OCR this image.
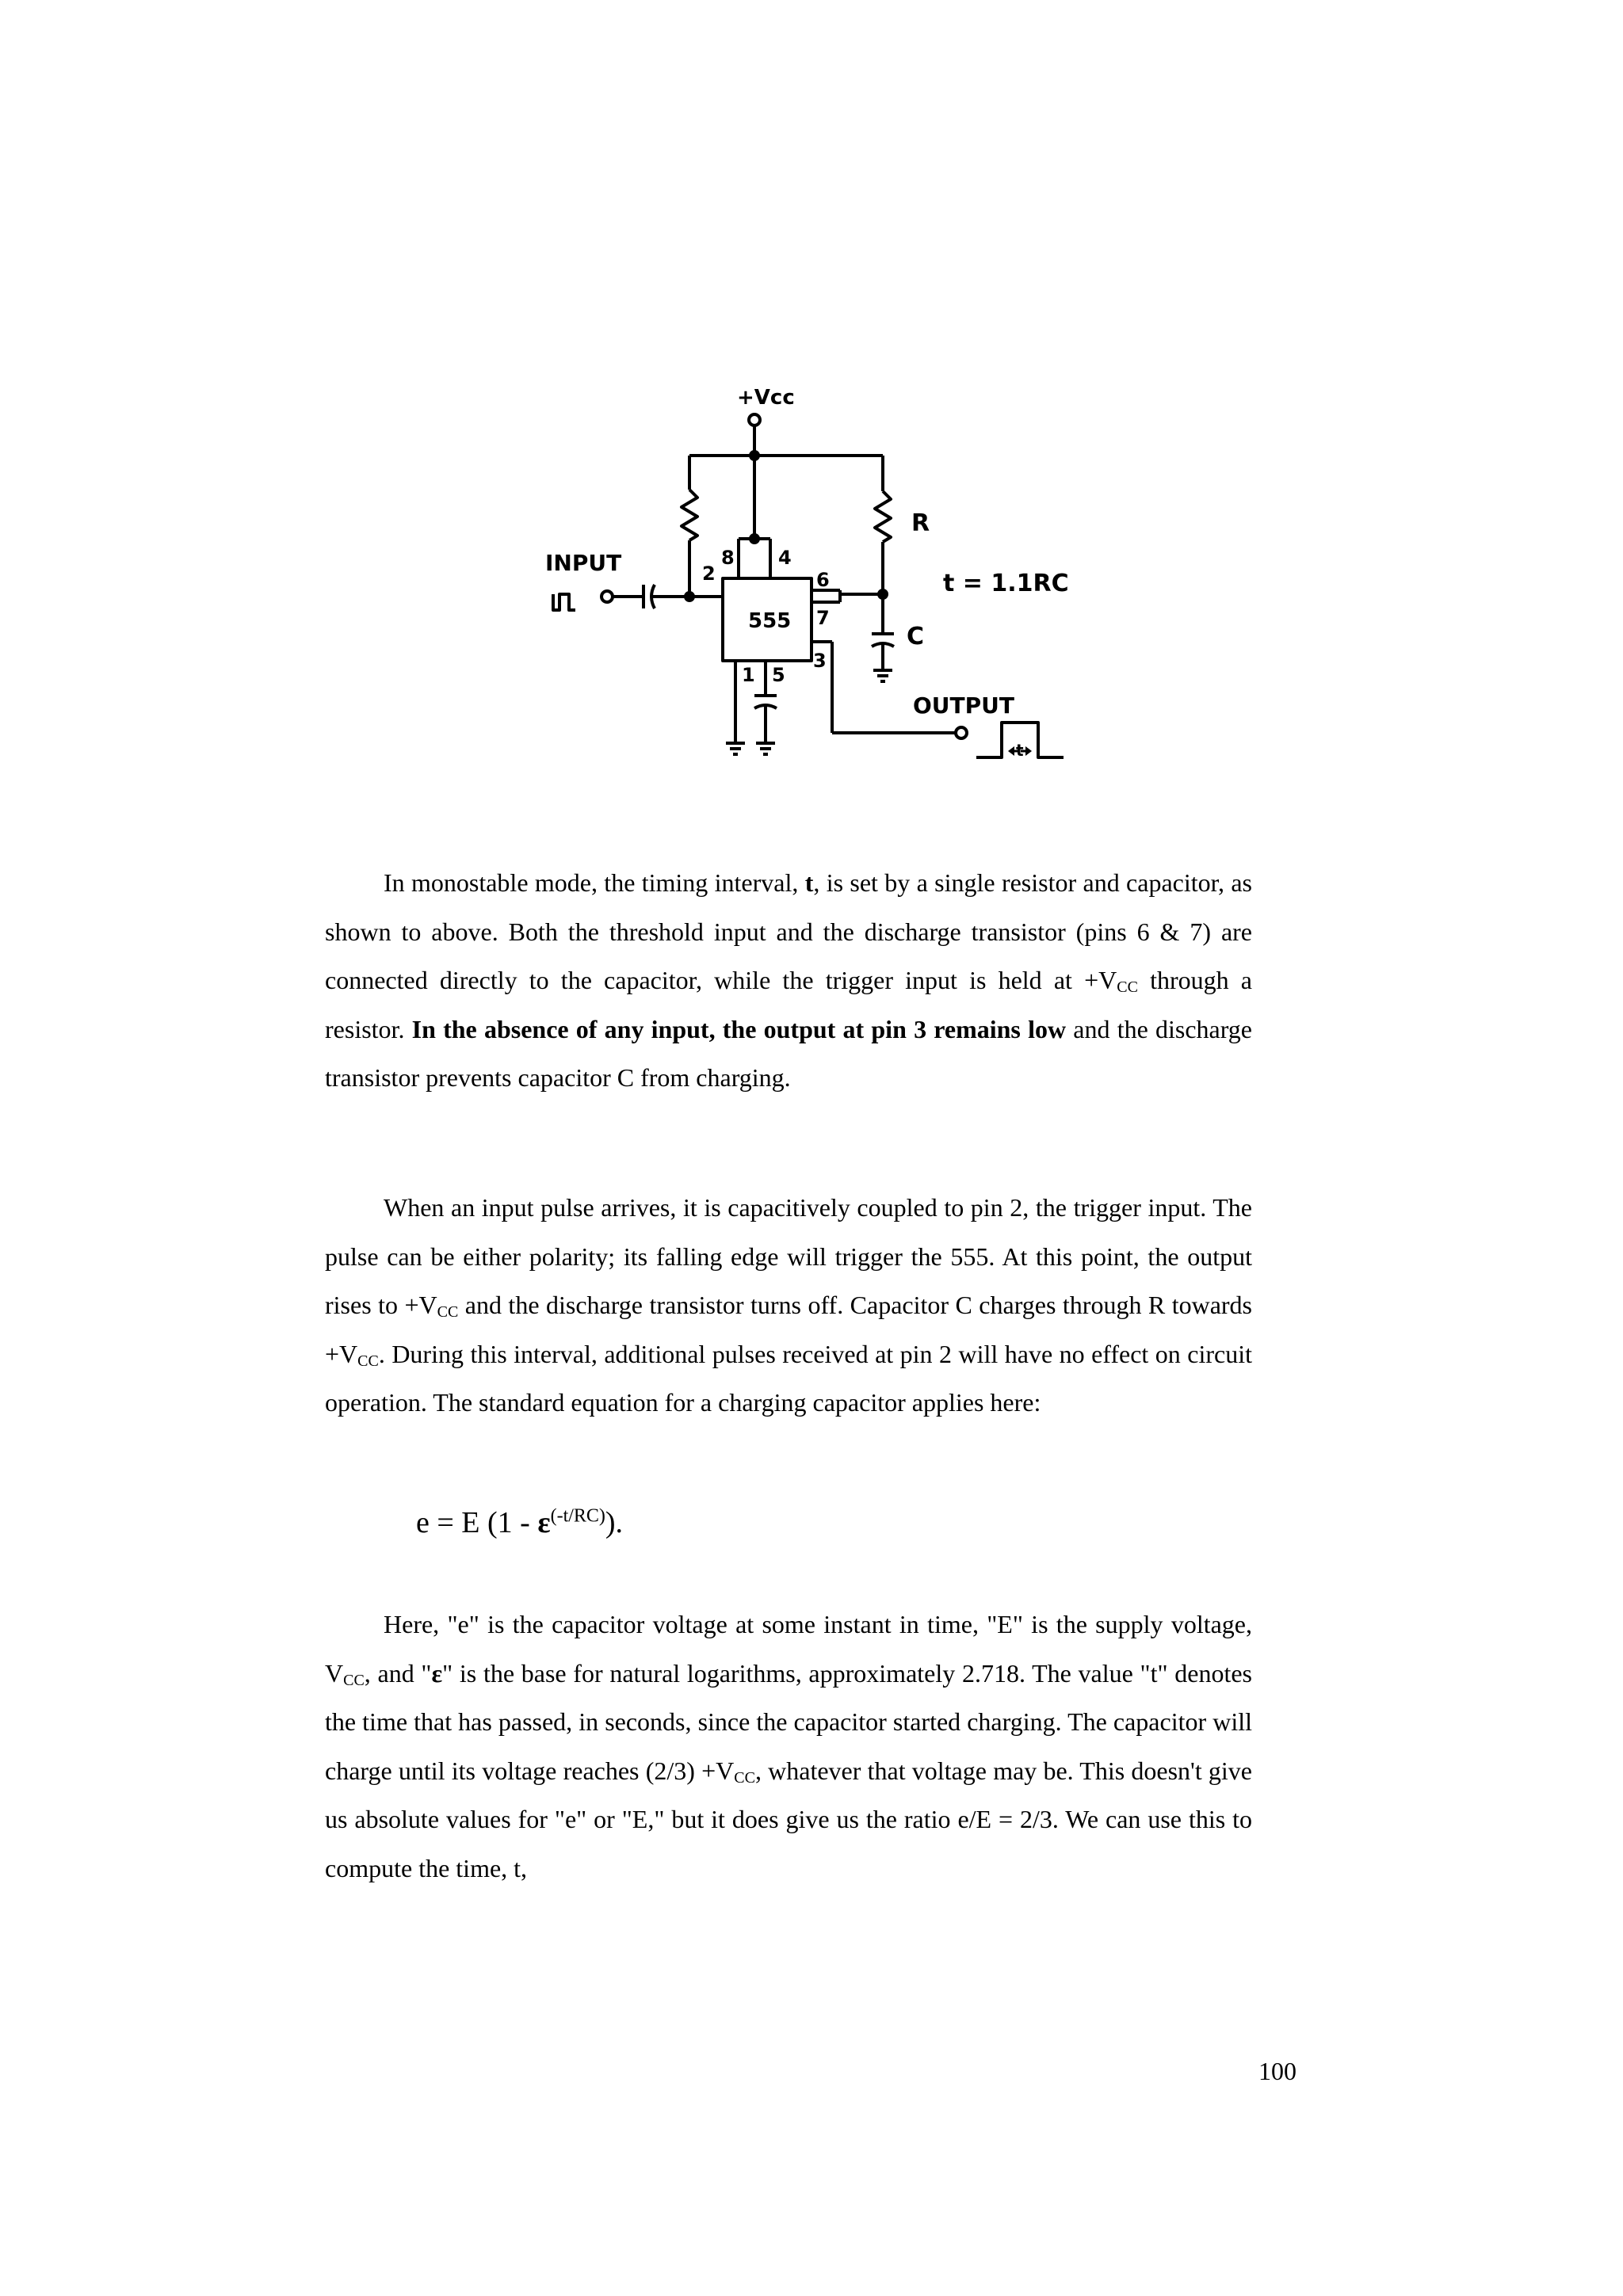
+Vcc
INPUT
OUTPUT
555
R
C
t = 1.1RC
t
2
8 4
6
7
1 5
3

In monostable mode, the timing interval, t, is set by a single resistor and capacitor, as shown to above. Both the threshold input and the discharge transistor (pins 6 & 7) are connected directly to the capacitor, while the trigger input is held at $+V_{CC}$ through a resistor. In the absence of any input, the output at pin 3 remains low and the discharge transistor prevents capacitor C from charging.

When an input pulse arrives, it is capacitively coupled to pin 2, the trigger input. The pulse can be either polarity; its falling edge will trigger the 555. At this point, the output rises to $+V_{CC}$ and the discharge transistor turns off. Capacitor C charges through R towards $+V_{CC}$. During this interval, additional pulses received at pin 2 will have no effect on circuit operation. The standard equation for a charging capacitor applies here:

e = E $(1 - \varepsilon^{(-t/RC)})$.

Here, "e" is the capacitor voltage at some instant in time, "E" is the supply voltage, $V_{CC}$, and "ε" is the base for natural logarithms, approximately 2.718. The value "t" denotes the time that has passed, in seconds, since the capacitor started charging. The capacitor will charge until its voltage reaches $(2/3) +V_{CC}$, whatever that voltage may be. This doesn't give us absolute values for "e" or "E," but it does give us the ratio e/E = 2/3. We can use this to compute the time, t,

100
